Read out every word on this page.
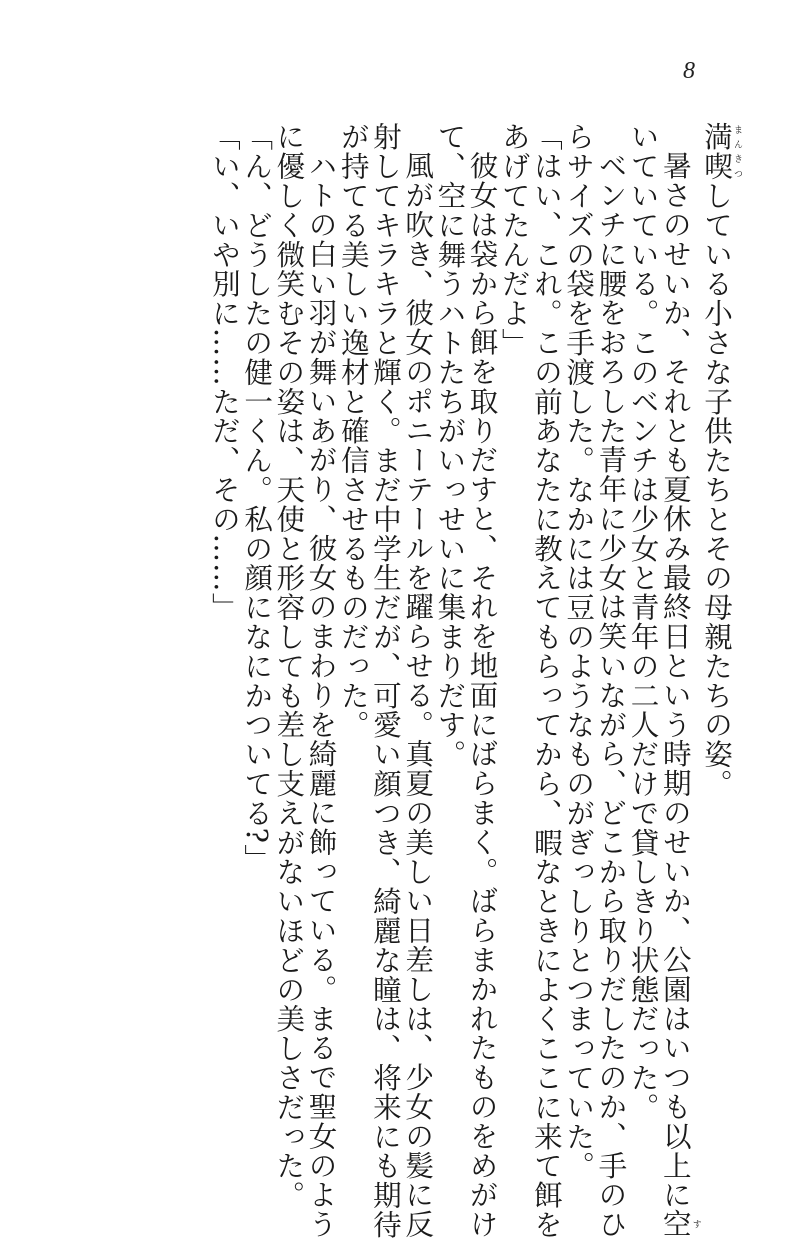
8
満喫まんきつしている小さな子供たちとその母親たちの姿。
暑さのせいか、それとも夏休み最終日という時期のせいか、公園はいつも以上に空す
いていている。このベンチは少女と青年の二人だけで貸しきり状態だった。
ベンチに腰をおろした青年に少女は笑いながら、どこから取りだしたのか、手のひ
らサイズの袋を手渡した。なかには豆のようなものがぎっしりとつまっていた。
「はい、これ。この前あなたに教えてもらってから、暇なときによくここに来て餌を
あげてたんだよ」
彼女は袋から餌を取りだすと、それを地面にばらまく。ばらまかれたものをめがけ
て、空に舞うハトたちがいっせいに集まりだす。
風が吹き、彼女のポニーテールを躍らせる。真夏の美しい日差しは、少女の髪に反
射してキラキラと輝く。まだ中学生だが、可愛い顔つき、綺麗な瞳は、将来にも期待
が持てる美しい逸材と確信させるものだった。
ハトの白い羽が舞いあがり、彼女のまわりを綺麗に飾っている。まるで聖女のよう
に優しく微笑むその姿は、天使と形容しても差し支えがないほどの美しさだった。
「ん、どうしたの健一くん。私の顔になにかついてる?」
「い、いや別に……ただ、その……」
